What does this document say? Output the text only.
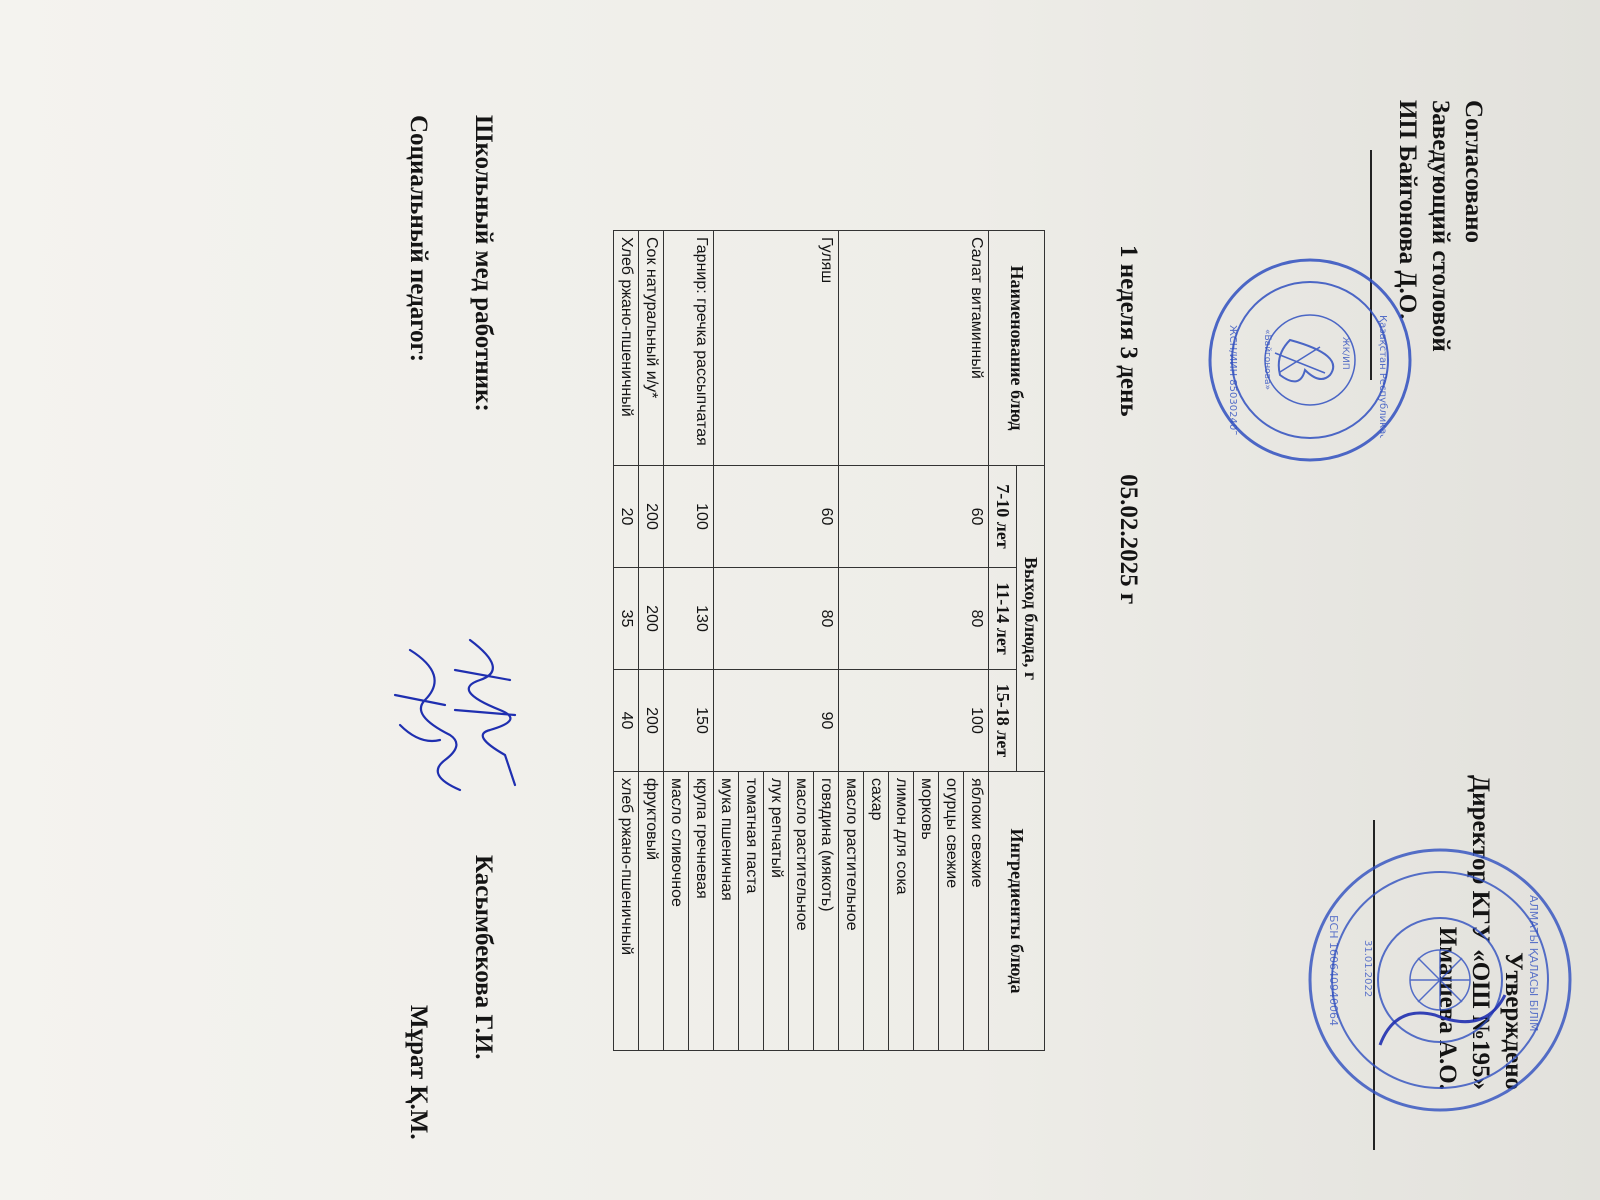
Согласовано
Заведующий столовой
ИП Байгонова Д.О.
Утверждено
Директор КГУ «ОШ №195»
Имашева А.О.
Қазақстан Республикасы
ЖСН/ИИН 850302402855	ЖК/ИП
«Байгонова»
АЛМАТЫ ҚАЛАСЫ БІЛІМ
БСН 160640940064 31.01.2022
1 неделя 3 день  05.02.2025 г
Наименование блюд	Выход блюда, г			Ингредиенты блюда
	7-10 лет	11-14 лет	15-18 лет	
Салат витаминный	60	80	100	яблоки свежие
				огурцы свежие
				морковь
				лимон для сока
				сахар
				масло растительное
Гуляш	60	80	90	говядина (мякоть)
				масло растительное
				лук репчатый
				томатная паста
				мука пшеничная
Гарнир: гречка рассыпчатая	100	130	150	крупа гречневая
				масло сливочное
Сок натуральный и/у*	200	200	200	фруктовый
Хлеб ржано-пшеничный	20	35	40	хлеб ржано-пшеничный
Школьный мед работник:
Касымбекова Г.И.
Социальный педагог:
Мұрат Қ.М.
